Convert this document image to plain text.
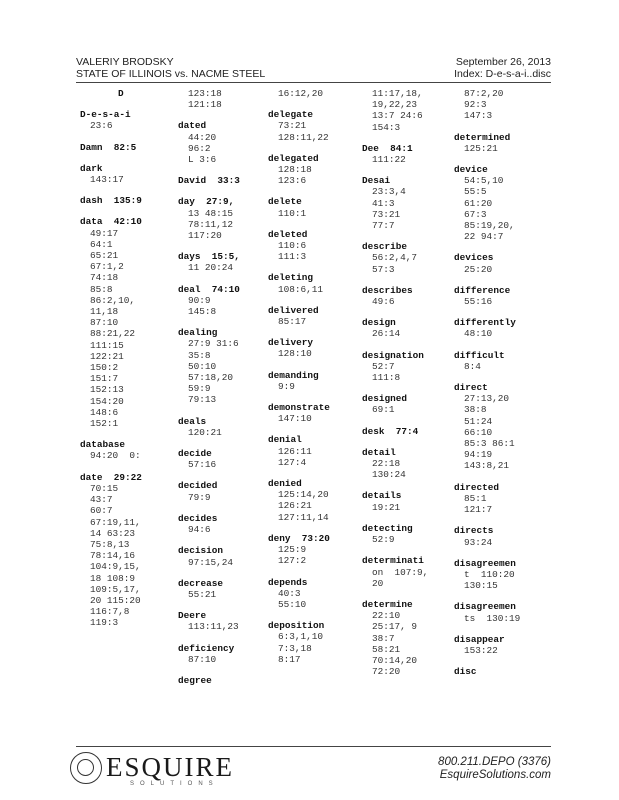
VALERIY BRODSKY
STATE OF ILLINOIS vs. NACME STEEL
September 26, 2013
Index: D-e-s-a-i..disc
D
D-e-s-a-i
23:6
Damn  82:5
dark
143:17
dash  135:9
data  42:10
49:17
64:1
65:21
67:1,2
74:18
85:8
86:2,10,
11,18
87:10
88:21,22
111:15
122:21
150:2
151:7
152:13
154:20
148:6
152:1
database
94:20  0:
date  29:22
70:15
43:7
60:7
67:19,11,
14 63:23
75:8,13
78:14,16
104:9,15,
18 108:9
109:5,17,
20 115:20
116:7,8
119:3
123:18
121:18
dated
44:20
96:2
L 3:6
David  33:3
day  27:9,
13 48:15
78:11,12
117:20
days  15:5,
11 20:24
deal  74:10
90:9
145:8
dealing
27:9 31:6
35:8
50:10
57:18,20
59:9
79:13
deals
120:21
decide
57:16
decided
79:9
decides
94:6
decision
97:15,24
decrease
55:21
Deere
113:11,23
deficiency
87:10
degree
16:12,20
delegate
73:21
128:11,22
delegated
128:18
123:6
delete
110:1
deleted
110:6
111:3
deleting
108:6,11
delivered
85:17
delivery
128:10
demanding
9:9
demonstrate
147:10
denial
126:11
127:4
denied
125:14,20
126:21
127:11,14
deny  73:20
125:9
127:2
depends
40:3
55:10
deposition
6:3,1,10
7:3,18
8:17
11:17,18,
19,22,23
13:7 24:6
154:3
Dee  84:1
111:22
Desai
23:3,4
41:3
73:21
77:7
describe
56:2,4,7
57:3
describes
49:6
design
26:14
designation
52:7
111:8
designed
69:1
desk  77:4
detail
22:18
130:24
details
19:21
detecting
52:9
determinati
on  107:9,
20
determine
22:10
25:17, 9
38:7
58:21
70:14,20
72:20
87:2,20
92:3
147:3
determined
125:21
device
54:5,10
55:5
61:20
67:3
85:19,20,
22 94:7
devices
25:20
difference
55:16
differently
48:10
difficult
8:4
direct
27:13,20
38:8
51:24
66:10
85:3 86:1
94:19
143:8,21
directed
85:1
121:7
directs
93:24
disagreemen
t  110:20
130:15
disagreemen
ts  130:19
disappear
153:22
disc
ESQUIRE
SOLUTIONS
800.211.DEPO (3376)
EsquireSolutions.com
